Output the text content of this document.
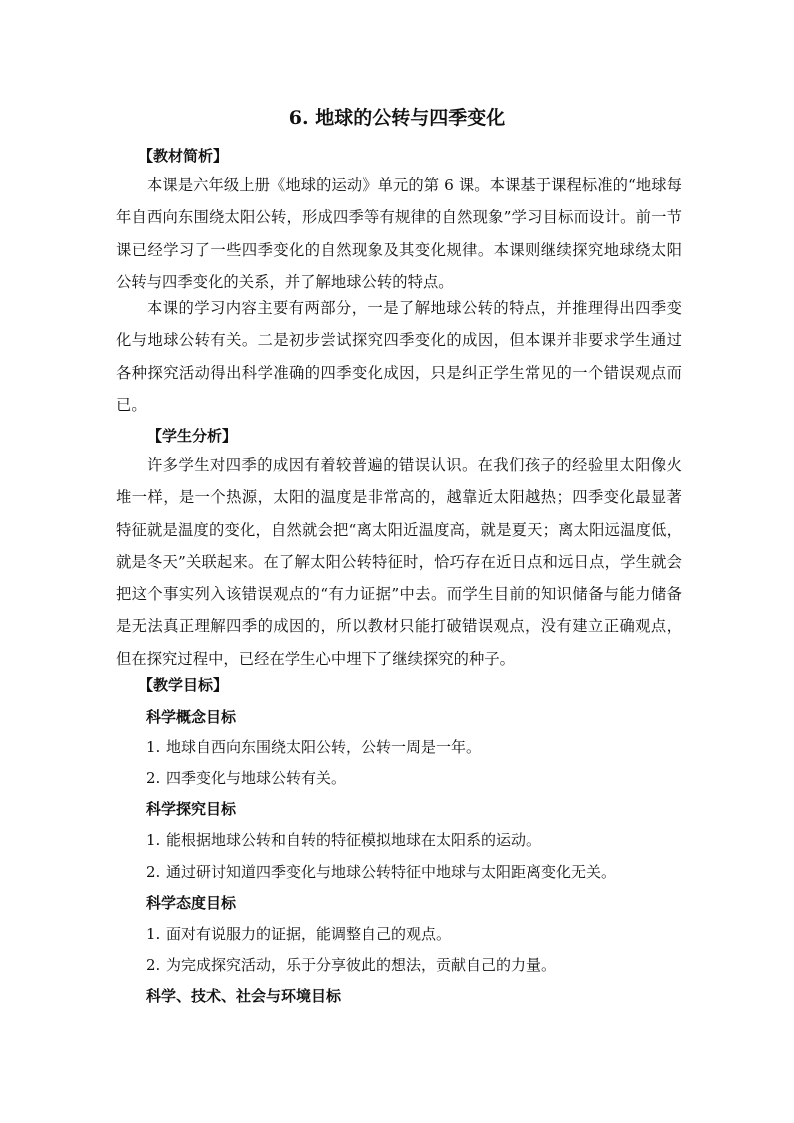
6. 地球的公转与四季变化
【教材简析】

本课是六年级上册《地球的运动》单元的第 6 课。本课基于课程标准的“地球每年自西向东围绕太阳公转，形成四季等有规律的自然现象”学习目标而设计。前一节课已经学习了一些四季变化的自然现象及其变化规律。本课则继续探究地球绕太阳公转与四季变化的关系，并了解地球公转的特点。

本课的学习内容主要有两部分，一是了解地球公转的特点，并推理得出四季变化与地球公转有关。二是初步尝试探究四季变化的成因，但本课并非要求学生通过各种探究活动得出科学准确的四季变化成因，只是纠正学生常见的一个错误观点而已。

【学生分析】

许多学生对四季的成因有着较普遍的错误认识。在我们孩子的经验里太阳像火堆一样，是一个热源，太阳的温度是非常高的，越靠近太阳越热；四季变化最显著特征就是温度的变化，自然就会把“离太阳近温度高，就是夏天；离太阳远温度低，就是冬天”关联起来。在了解太阳公转特征时，恰巧存在近日点和远日点，学生就会把这个事实列入该错误观点的“有力证据”中去。而学生目前的知识储备与能力储备是无法真正理解四季的成因的，所以教材只能打破错误观点，没有建立正确观点，但在探究过程中，已经在学生心中埋下了继续探究的种子。

【教学目标】
科学概念目标
1. 地球自西向东围绕太阳公转，公转一周是一年。
2. 四季变化与地球公转有关。
科学探究目标
1. 能根据地球公转和自转的特征模拟地球在太阳系的运动。
2. 通过研讨知道四季变化与地球公转特征中地球与太阳距离变化无关。
科学态度目标
1. 面对有说服力的证据，能调整自己的观点。
2. 为完成探究活动，乐于分享彼此的想法，贡献自己的力量。
科学、技术、社会与环境目标
